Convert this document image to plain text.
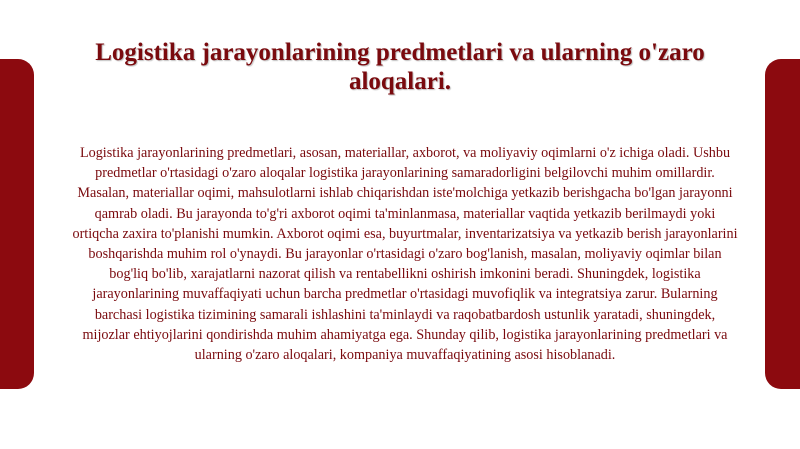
Logistika jarayonlarining predmetlari va ularning o'zaro aloqalari.

Logistika jarayonlarining predmetlari, asosan, materiallar, axborot, va moliyaviy oqimlarni o'z ichiga oladi. Ushbu predmetlar o'rtasidagi o'zaro aloqalar logistika jarayonlarining samaradorligini belgilovchi muhim omillardir. Masalan, materiallar oqimi, mahsulotlarni ishlab chiqarishdan iste'molchiga yetkazib berishgacha bo'lgan jarayonni qamrab oladi. Bu jarayonda to'g'ri axborot oqimi ta'minlanmasa, materiallar vaqtida yetkazib berilmaydi yoki ortiqcha zaxira to'planishi mumkin. Axborot oqimi esa, buyurtmalar, inventarizatsiya va yetkazib berish jarayonlarini boshqarishda muhim rol o'ynaydi. Bu jarayonlar o'rtasidagi o'zaro bog'lanish, masalan, moliyaviy oqimlar bilan bog'liq bo'lib, xarajatlarni nazorat qilish va rentabellikni oshirish imkonini beradi. Shuningdek, logistika jarayonlarining muvaffaqiyati uchun barcha predmetlar o'rtasidagi muvofiqlik va integratsiya zarur. Bularning barchasi logistika tizimining samarali ishlashini ta'minlaydi va raqobatbardosh ustunlik yaratadi, shuningdek, mijozlar ehtiyojlarini qondirishda muhim ahamiyatga ega. Shunday qilib, logistika jarayonlarining predmetlari va ularning o'zaro aloqalari, kompaniya muvaffaqiyatining asosi hisoblanadi.
